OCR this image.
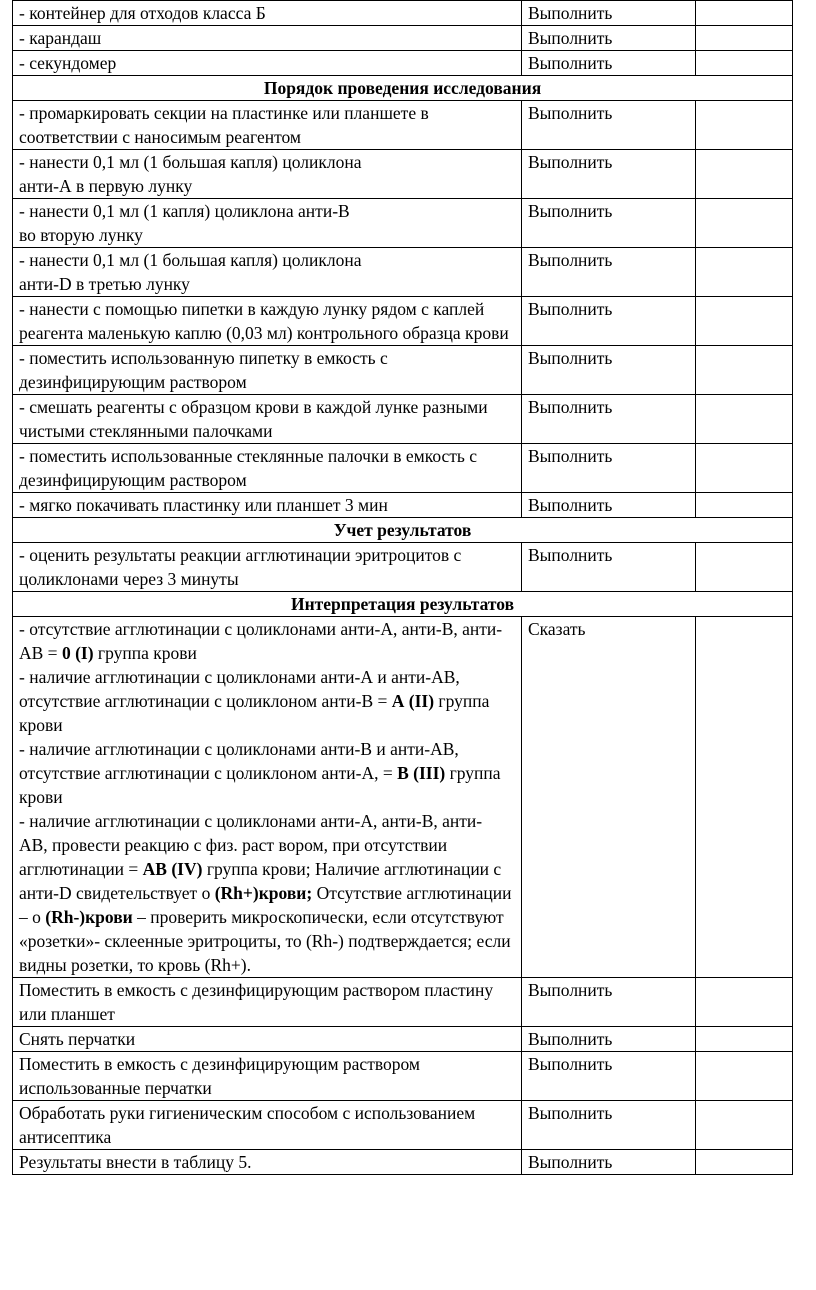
- контейнер для отходов класса Б	Выполнить	
- карандаш	Выполнить	
- секундомер	Выполнить	
Порядок проведения исследования		
- промаркировать секции на пластинке или планшете в соответствии с наносимым реагентом	Выполнить	

- нанести 0,1 мл (1 большая капля) цоликлона
анти-А в первую лунку	Выполнить	

- нанести 0,1 мл (1 капля) цоликлона анти-В
во вторую лунку	Выполнить	

- нанести 0,1 мл (1 большая капля) цоликлона
анти-D в третью лунку	Выполнить	
- нанести с помощью пипетки в каждую лунку рядом с каплей реагента маленькую каплю (0,03 мл) контрольного образца крови	Выполнить	
- поместить использованную пипетку в емкость с дезинфицирующим раствором	Выполнить	
- смешать реагенты с образцом крови в каждой лунке разными чистыми стеклянными палочками	Выполнить	
- поместить использованные стеклянные палочки в емкость с дезинфицирующим раствором	Выполнить	
- мягко покачивать пластинку или планшет 3 мин	Выполнить	
Учет результатов		
- оценить результаты реакции агглютинации эритроцитов с цоликлонами через 3 минуты	Выполнить	
Интерпретация результатов		
- отсутствие агглютинации с цоликлонами анти-А, анти-В, анти- АВ = 0 (I) группа крови
- наличие агглютинации с цоликлонами анти-А и анти-АВ, отсутствие агглютинации с цоликлоном анти-В = А (II) группа крови
- наличие агглютинации с цоликлонами анти-В и анти-АВ, отсутствие агглютинации с цоликлоном анти-А, = В (III) группа крови
- наличие агглютинации с цоликлонами анти-А, анти-В, анти- АВ, провести реакцию с физ. раст вором, при отсутствии агглютинации = АВ (IV) группа крови; Наличие агглютинации с анти-D свидетельствует о (Rh+)крови; Отсутствие агглютинации – о (Rh-)крови – проверить микроскопически, если отсутствуют «розетки»- склеенные эритроциты, то (Rh-) подтверждается; если видны розетки, то кровь (Rh+).	Сказать	
Поместить в емкость с дезинфицирующим раствором пластину или планшет	Выполнить	
Снять перчатки	Выполнить	
Поместить в емкость с дезинфицирующим раствором использованные перчатки	Выполнить	
Обработать руки гигиеническим способом с использованием антисептика	Выполнить	
Результаты внести в таблицу 5.	Выполнить	
